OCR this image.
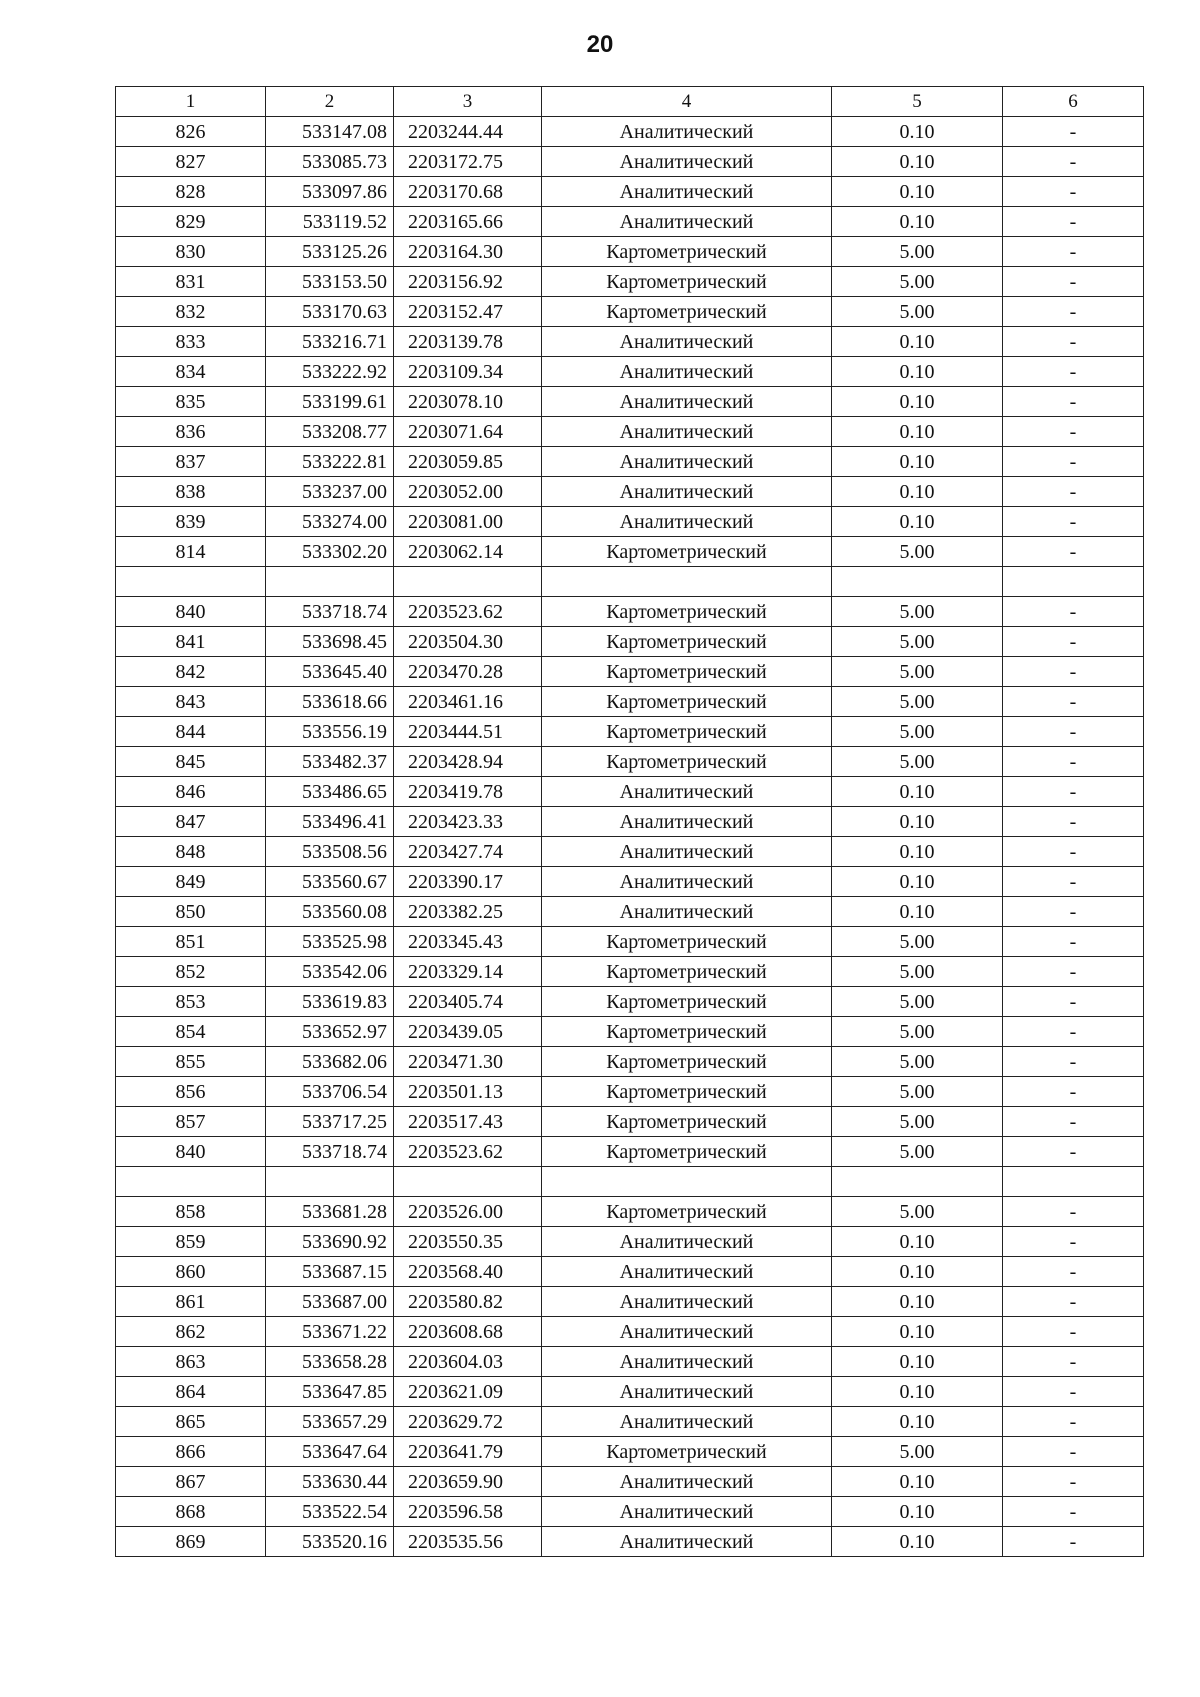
20
1	2	3	4	5	6
826	533147.08	2203244.44	Аналитический	0.10	-
827	533085.73	2203172.75	Аналитический	0.10	-
828	533097.86	2203170.68	Аналитический	0.10	-
829	533119.52	2203165.66	Аналитический	0.10	-
830	533125.26	2203164.30	Картометрический	5.00	-
831	533153.50	2203156.92	Картометрический	5.00	-
832	533170.63	2203152.47	Картометрический	5.00	-
833	533216.71	2203139.78	Аналитический	0.10	-
834	533222.92	2203109.34	Аналитический	0.10	-
835	533199.61	2203078.10	Аналитический	0.10	-
836	533208.77	2203071.64	Аналитический	0.10	-
837	533222.81	2203059.85	Аналитический	0.10	-
838	533237.00	2203052.00	Аналитический	0.10	-
839	533274.00	2203081.00	Аналитический	0.10	-
814	533302.20	2203062.14	Картометрический	5.00	-

840	533718.74	2203523.62	Картометрический	5.00	-
841	533698.45	2203504.30	Картометрический	5.00	-
842	533645.40	2203470.28	Картометрический	5.00	-
843	533618.66	2203461.16	Картометрический	5.00	-
844	533556.19	2203444.51	Картометрический	5.00	-
845	533482.37	2203428.94	Картометрический	5.00	-
846	533486.65	2203419.78	Аналитический	0.10	-
847	533496.41	2203423.33	Аналитический	0.10	-
848	533508.56	2203427.74	Аналитический	0.10	-
849	533560.67	2203390.17	Аналитический	0.10	-
850	533560.08	2203382.25	Аналитический	0.10	-
851	533525.98	2203345.43	Картометрический	5.00	-
852	533542.06	2203329.14	Картометрический	5.00	-
853	533619.83	2203405.74	Картометрический	5.00	-
854	533652.97	2203439.05	Картометрический	5.00	-
855	533682.06	2203471.30	Картометрический	5.00	-
856	533706.54	2203501.13	Картометрический	5.00	-
857	533717.25	2203517.43	Картометрический	5.00	-
840	533718.74	2203523.62	Картометрический	5.00	-

858	533681.28	2203526.00	Картометрический	5.00	-
859	533690.92	2203550.35	Аналитический	0.10	-
860	533687.15	2203568.40	Аналитический	0.10	-
861	533687.00	2203580.82	Аналитический	0.10	-
862	533671.22	2203608.68	Аналитический	0.10	-
863	533658.28	2203604.03	Аналитический	0.10	-
864	533647.85	2203621.09	Аналитический	0.10	-
865	533657.29	2203629.72	Аналитический	0.10	-
866	533647.64	2203641.79	Картометрический	5.00	-
867	533630.44	2203659.90	Аналитический	0.10	-
868	533522.54	2203596.58	Аналитический	0.10	-
869	533520.16	2203535.56	Аналитический	0.10	-
